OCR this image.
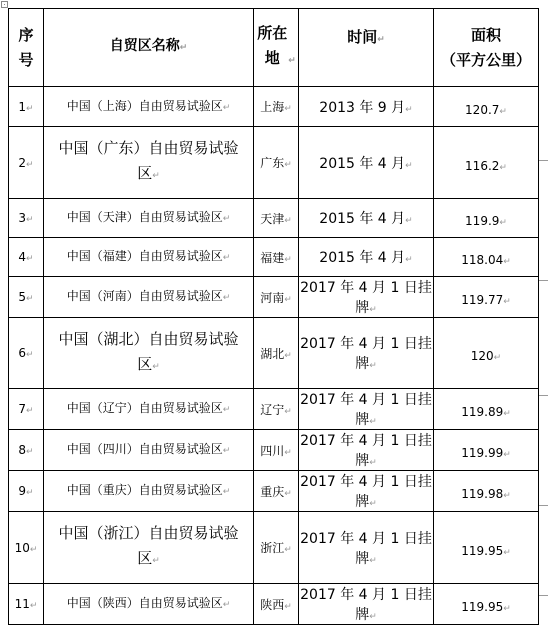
序号	自贸区名称↵	所在地 ↵	时间↵	面积
（平方公里）

1↵	中国（上海）自由贸易试验区↵	上海↵	2013 年 9 月↵	120.7↵
2↵	中国（广东）自由贸易试验区↵	广东↵	2015 年 4 月↵	116.2↵
3↵	中国（天津）自由贸易试验区↵	天津↵	2015 年 4 月↵	119.9↵
4↵	中国（福建）自由贸易试验区↵	福建↵	2015 年 4 月↵	118.04↵
5↵	中国（河南）自由贸易试验区↵	河南↵	2017 年 4 月 1 日挂牌↵	119.77↵
6↵	中国（湖北）自由贸易试验区↵	湖北↵	2017 年 4 月 1 日挂牌↵	120↵
7↵	中国（辽宁）自由贸易试验区↵	辽宁↵	2017 年 4 月 1 日挂牌↵	119.89↵
8↵	中国（四川）自由贸易试验区↵	四川↵	2017 年 4 月 1 日挂牌↵	119.99↵
9↵	中国（重庆）自由贸易试验区↵	重庆↵	2017 年 4 月 1 日挂牌↵	119.98↵
10↵	中国（浙江）自由贸易试验区↵	浙江↵	2017 年 4 月 1 日挂牌↵	119.95↵
11↵	中国（陕西）自由贸易试验区↵	陕西↵	2017 年 4 月 1 日挂牌↵	119.95↵
